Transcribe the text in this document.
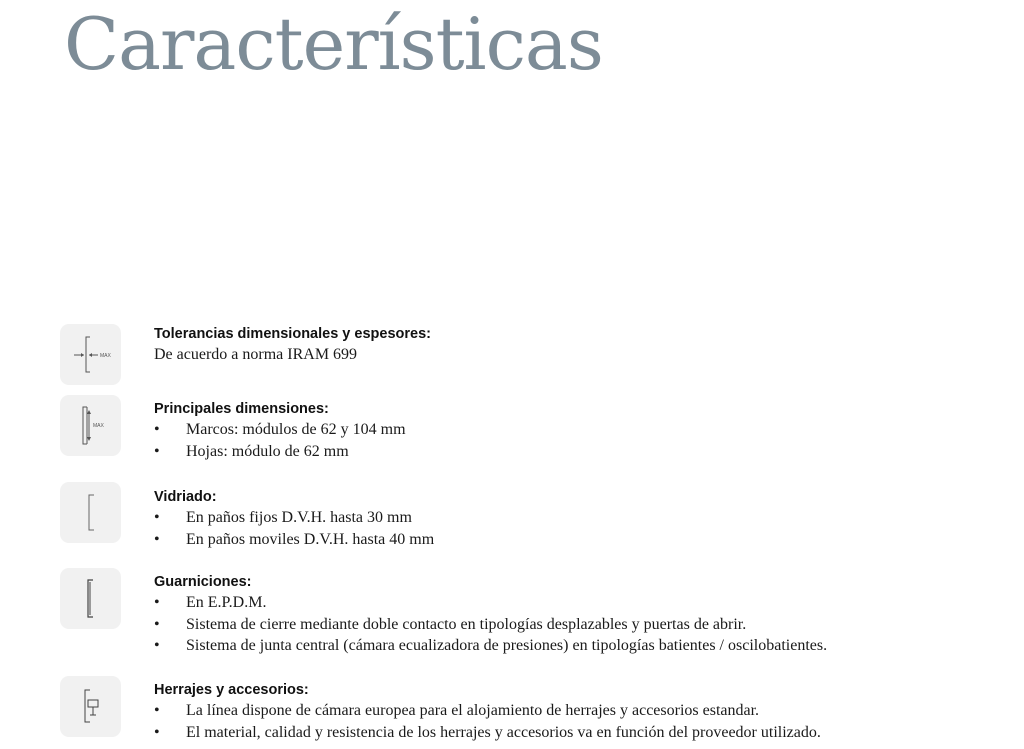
Características
MAX
Tolerancias dimensionales y espesores:
De acuerdo a norma IRAM 699
MAX
Principales dimensiones:
• Marcos: módulos de 62 y 104 mm
• Hojas: módulo de 62 mm
Vidriado:
• En paños fijos D.V.H. hasta 30 mm
• En paños moviles D.V.H. hasta 40 mm
Guarniciones:
• En E.P.D.M.
• Sistema de cierre mediante doble contacto en tipologías desplazables y puertas de abrir.
• Sistema de junta central (cámara ecualizadora de presiones) en tipologías batientes / oscilobatientes.
Herrajes y accesorios:
• La línea dispone de cámara europea para el alojamiento de herrajes y accesorios estandar.
• El material, calidad y resistencia de los herrajes y accesorios va en función del proveedor utilizado.
